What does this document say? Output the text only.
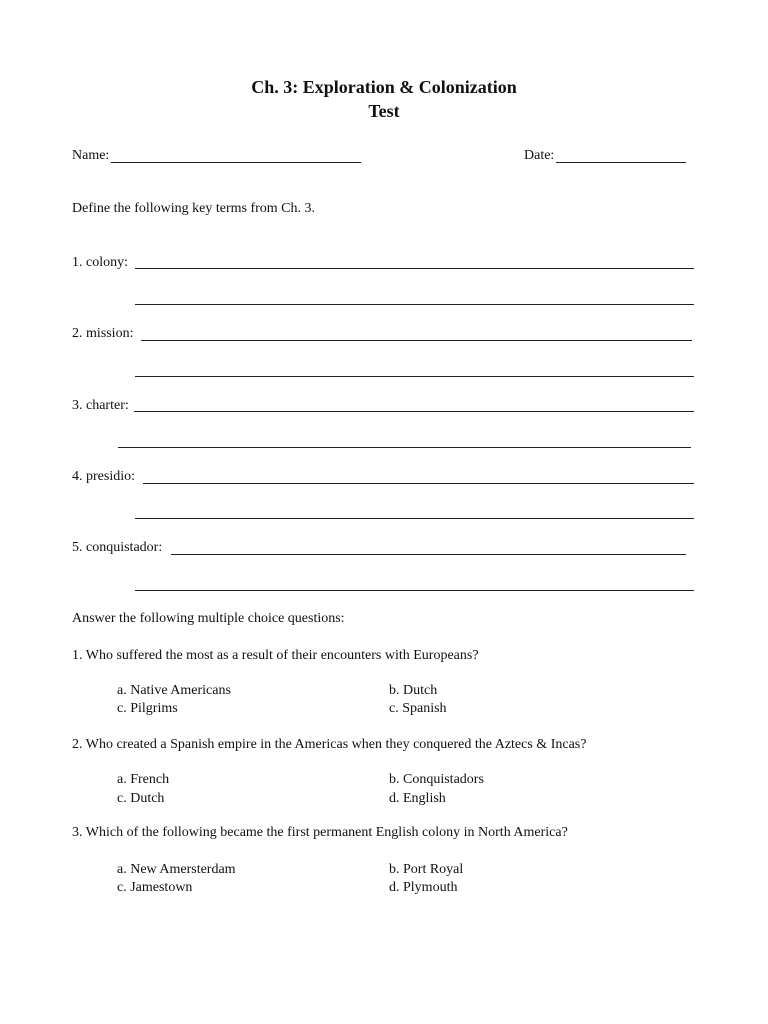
Ch. 3: Exploration & Colonization
Test
Name:	Date:
Define the following key terms from Ch. 3.
1. colony:
2. mission:
3. charter:
4. presidio:
5. conquistador:
Answer the following multiple choice questions:
1. Who suffered the most as a result of their encounters with Europeans?
a. Native Americans	b. Dutch
c. Pilgrims	c. Spanish
2. Who created a Spanish empire in the Americas when they conquered the Aztecs & Incas?
a. French	b. Conquistadors
c. Dutch	d. English
3. Which of the following became the first permanent English colony in North America?
a. New Amersterdam	b. Port Royal
c. Jamestown	d. Plymouth
